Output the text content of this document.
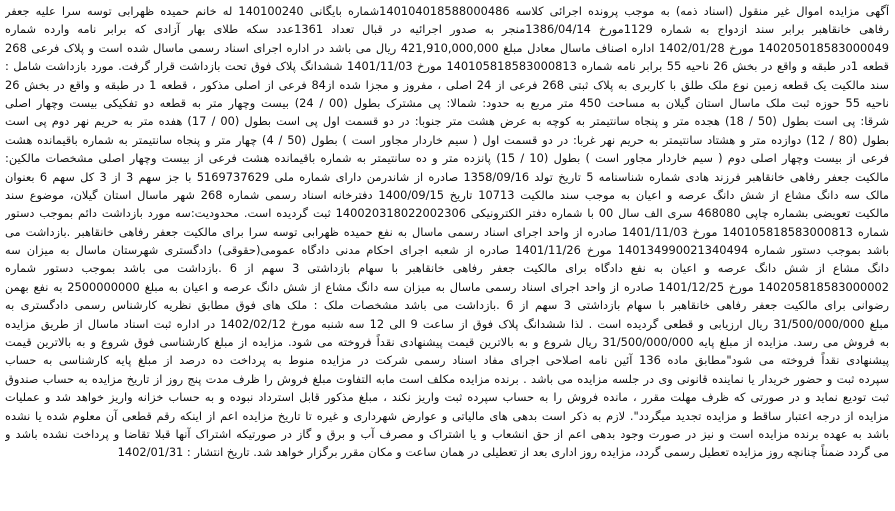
آگهی مزایده اموال غیر منقول (اسناد ذمه) به موجب پرونده اجرائی کلاسه 140104018588000486شماره بایگانی 140100240 له خانم حمیده ظهرابی توسه سرا علیه جعفر
رفاهی خانقاهبر برابر سند ازدواج به شماره 1129مورخ 1386/04/14منجر به صدور اجرائیه در قبال تعداد 1361عدد سکه طلای بهار آزادی که برابر نامه وارده شماره
140205018583000049 مورخ 1402/01/28 اداره اصناف ماسال معادل مبلغ 421,910,000,000 ریال می باشد در اداره اجرای اسناد رسمی ماسال شده است و پلاک فرعی 268
قطعه 1در طبقه و واقع در بخش 26 ناحیه 55 برابر نامه شماره 140105818583000813 مورخ 1401/11/03 ششدانگ پلاک فوق تحت بازداشت قرار گرفت. مورد بازداشت شامل :
سند مالکیت یک قطعه زمین نوع ملک طلق با کاربری به پلاک ثبتی 268 فرعی از 24 اصلی ، مفروز و مجزا شده از84 فرعی از اصلی مذکور ، قطعه 1 در طبقه و واقع در بخش 26
ناحیه 55 حوزه ثبت ملک ماسال استان گیلان به مساحت 450 متر مربع به حدود: شمالا: پی مشترک بطول (00 / 24) بیست وچهار متر به قطعه دو تفکیکی بیست وچهار اصلی
شرقا: پی است بطول (50 / 18) هجده متر و پنجاه سانتیمتر به کوچه به عرض هشت متر جنوبا: در دو قسمت اول پی است بطول (00 / 17) هفده متر به حریم نهر دوم پی است
بطول (80 / 12) دوازده متر و هشتاد سانتیمتر به حریم نهر غربا: در دو قسمت اول ( سیم خاردار مجاور است ) بطول (50 / 4) چهار متر و پنجاه سانتیمتر به شماره باقیمانده هشت
فرعی از بیست وچهار اصلی دوم ( سیم خاردار مجاور است ) بطول (10 / 15) پانزده متر و ده سانتیمتر به شماره باقیمانده هشت فرعی از بیست وچهار اصلی مشخصات مالکین:
مالکیت جعفر رفاهی خانقاهبر فرزند هادی شماره شناسنامه 5 تاریخ تولد 1358/09/16 صادره از شاندرمن دارای شماره ملی 5169737629 با جز سهم 3 از 3 کل سهم 6 بعنوان
مالک سه دانگ مشاع از شش دانگ عرصه و اعیان به موجب سند مالکیت 10713 تاریخ 1400/09/15 دفترخانه اسناد رسمی شماره 268 شهر ماسال استان گیلان، موضوع سند
مالکیت تعویضی بشماره چاپی 468080 سری الف سال 00 با شماره دفتر الکترونیکی 140020318022002306 ثبت گردیده است. محدودیت:سه مورد بازداشت دائم بموجب دستور
شماره 140105818583000813 مورخ 1401/11/03 صادره از واحد اجرای اسناد رسمی ماسال به نفع حمیده ظهرابی توسه سرا برای مالکیت جعفر رفاهی خانقاهبر .بازداشت می
باشد بموجب دستور شماره 140134990021340494 مورخ 1401/11/26 صادره از شعبه اجرای احکام مدنی دادگاه عمومی(حقوقی) دادگستری شهرستان ماسال به میزان سه
دانگ مشاع از شش دانگ عرصه و اعیان به نفع دادگاه برای مالکیت جعفر رفاهی خانقاهبر با سهام بازداشتی 3 سهم از 6 .بازداشت می باشد بموجب دستور شماره
140205818583000002 مورخ 1401/12/25 صادره از واحد اجرای اسناد رسمی ماسال به میزان سه دانگ مشاع از شش دانگ عرصه و اعیان به مبلغ 2500000000 به نفع بهمن
رضوانی برای مالکیت جعفر رفاهی خانقاهبر با سهام بازداشتی 3 سهم از 6 .بازداشت می باشد مشخصات ملک : ملک های فوق مطابق نظریه کارشناس رسمی دادگستری به
مبلغ 31/500/000/000 ریال ارزیابی و قطعی گردیده است . لذا ششدانگ پلاک فوق از ساعت 9 الی 12 سه شنبه مورخ 1402/02/12 در اداره ثبت اسناد ماسال از طریق مزایده
به فروش می رسد. مزایده از مبلغ پایه 31/500/000/000 ریال شروع و به بالاترین قیمت پیشنهادی نقداً فروخته می شود. مزایده از مبلغ کارشناسی فوق شروع و به بالاترین قیمت
پیشنهادی نقداً فروخته می شود"مطابق ماده 136 آئین نامه اصلاحی اجرای مفاد اسناد رسمی شرکت در مزایده منوط به پرداخت ده درصد از مبلغ پایه کارشناسی به حساب
سپرده ثبت و حضور خریدار یا نماینده قانونی وی در جلسه مزایده می باشد . برنده مزایده مکلف است مابه التفاوت مبلغ فروش را ظرف مدت پنج روز از تاریخ مزایده به حساب صندوق
ثبت تودیع نماید و در صورتی که ظرف مهلت مقرر ، مانده فروش را به حساب سپرده ثبت واریز نکند ، مبلغ مذکور قابل استرداد نبوده و به حساب خزانه واریز خواهد شد و عملیات
مزایده از درجه اعتبار ساقط و مزایده تجدید میگردد". لازم به ذکر است بدهی های مالیاتی و عوارض شهرداری و غیره تا تاریخ مزایده اعم از اینکه رقم قطعی آن معلوم شده یا نشده
باشد به عهده برنده مزایده است و نیز در صورت وجود بدهی اعم از حق انشعاب و یا اشتراک و مصرف آب و برق و گاز در صورتیکه اشتراک آنها قبلا تقاضا و پرداخت نشده باشد و
می گردد ضمناً چنانچه روز مزایده تعطیل رسمی گردد، مزایده روز اداری بعد از تعطیلی در همان ساعت و مکان مقرر برگزار خواهد شد. تاریخ انتشار : 1402/01/31
